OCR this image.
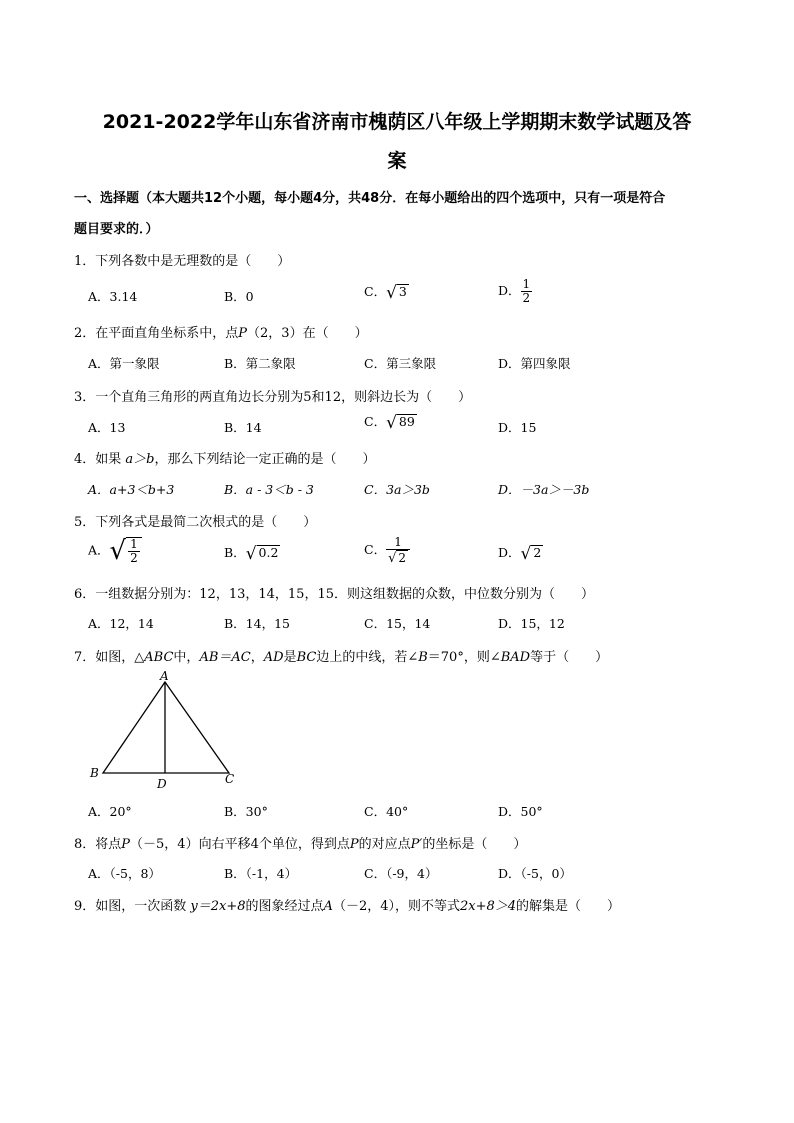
2021-2022学年山东省济南市槐荫区八年级上学期期末数学试题及答
案
一、选择题（本大题共12个小题，每小题4分，共48分．在每小题给出的四个选项中，只有一项是符合
题目要求的．）
1．下列各数中是无理数的是（　　）
A．3.14	B．0	C．√ 3	D． $\frac{1}{2}$
2．在平面直角坐标系中，点P（2，3）在（　　）
A．第一象限	B．第二象限	C．第三象限	D．第四象限
3．一个直角三角形的两直角边长分别为5和12，则斜边长为（　　）
A．13	B．14	C．√ 89	D．15
4．如果 a＞b，那么下列结论一定正确的是（　　）
A．a+3＜b+3	B．a - 3＜b - 3	C．3a＞3b	D．－3a＞－3b
5．下列各式是最简二次根式的是（　　）
A．√ $\frac{1}{2}$	B．√ 0.2	C． $\frac{1}{√ 2}$	D．√ 2
6．一组数据分别为：12，13，14，15，15．则这组数据的众数，中位数分别为（　　）
A．12，14	B．14，15	C．15，14	D．15，12
7．如图，△ABC中，AB＝AC，AD是BC边上的中线，若∠B＝70°，则∠BAD等于（　　）
A
B	C
D
A．20°	B．30°	C．40°	D．50°
8．将点P（－5，4）向右平移4个单位，得到点P的对应点P′的坐标是（　　）
A．（-5，8）	B．（-1，4）	C．（-9，4）	D．（-5，0）
9．如图，一次函数 y＝2x+8的图象经过点A（－2，4），则不等式2x+8＞4的解集是（　　）
